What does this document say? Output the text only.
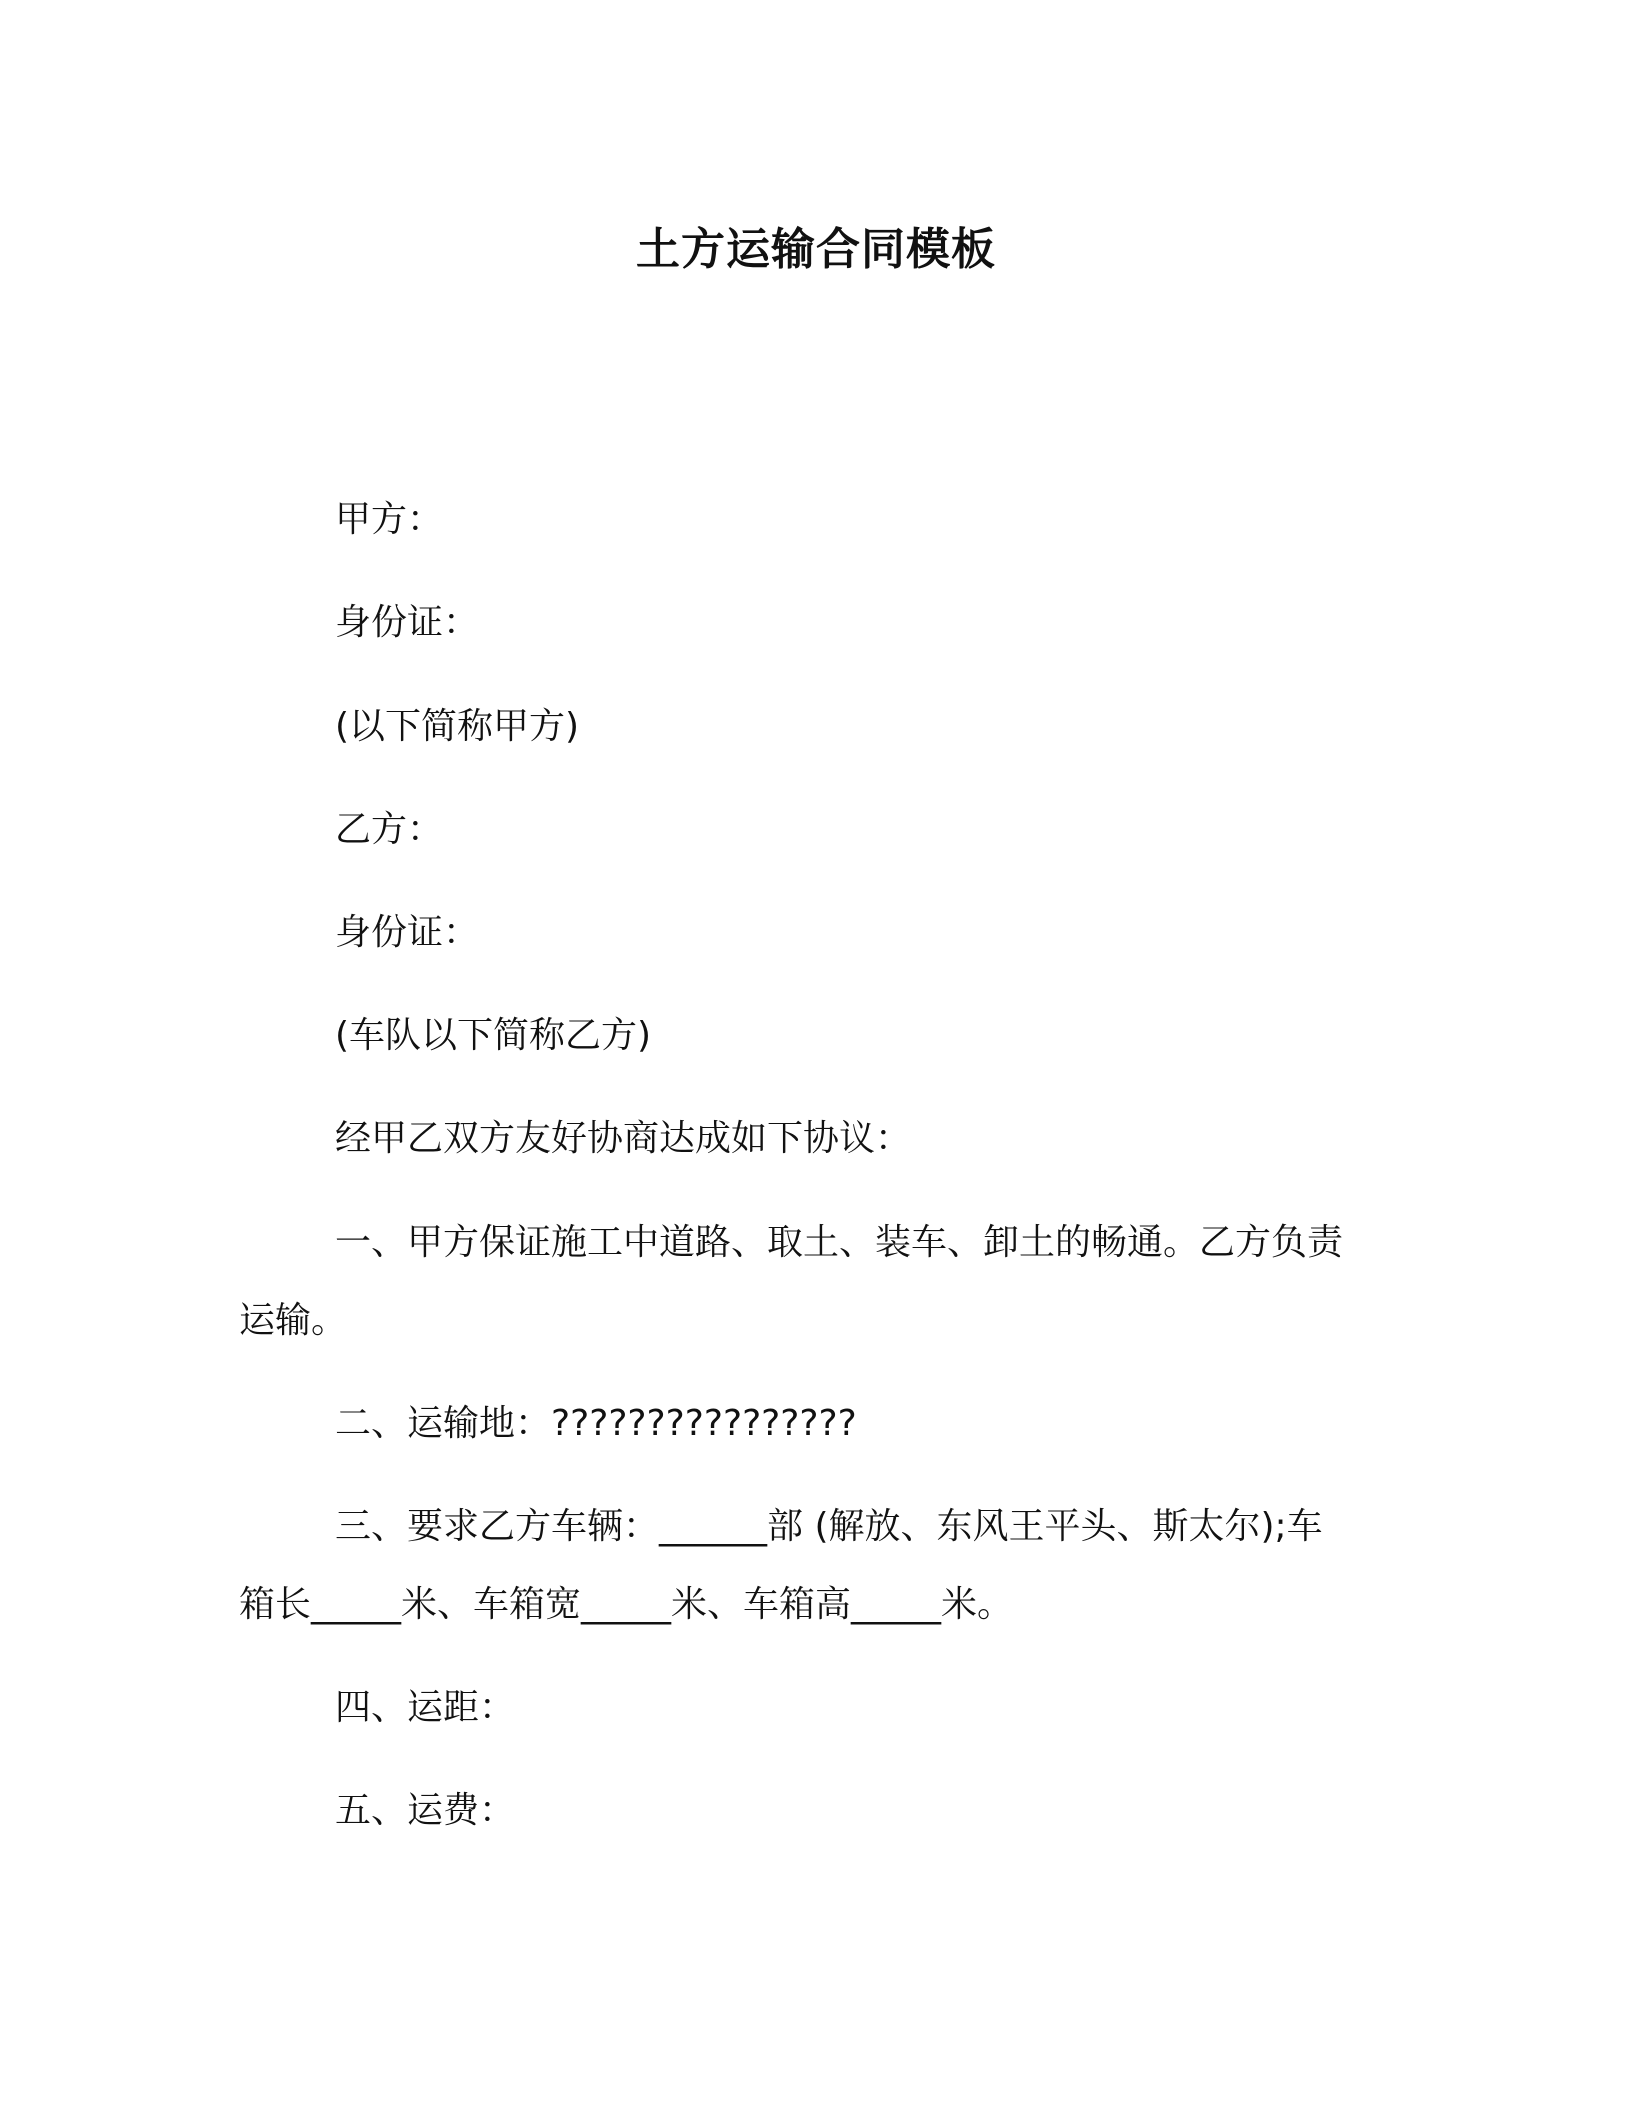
土方运输合同模板
甲方：
身份证：
(以下简称甲方)
乙方：
身份证：
(车队以下简称乙方)
经甲乙双方友好协商达成如下协议：
一、甲方保证施工中道路、取土、装车、卸土的畅通。乙方负责
运输。
二、运输地：????????????????
三、要求乙方车辆：______部 (解放、东风王平头、斯太尔);车
箱长_____米、车箱宽_____米、车箱高_____米。
四、运距：
五、运费：
